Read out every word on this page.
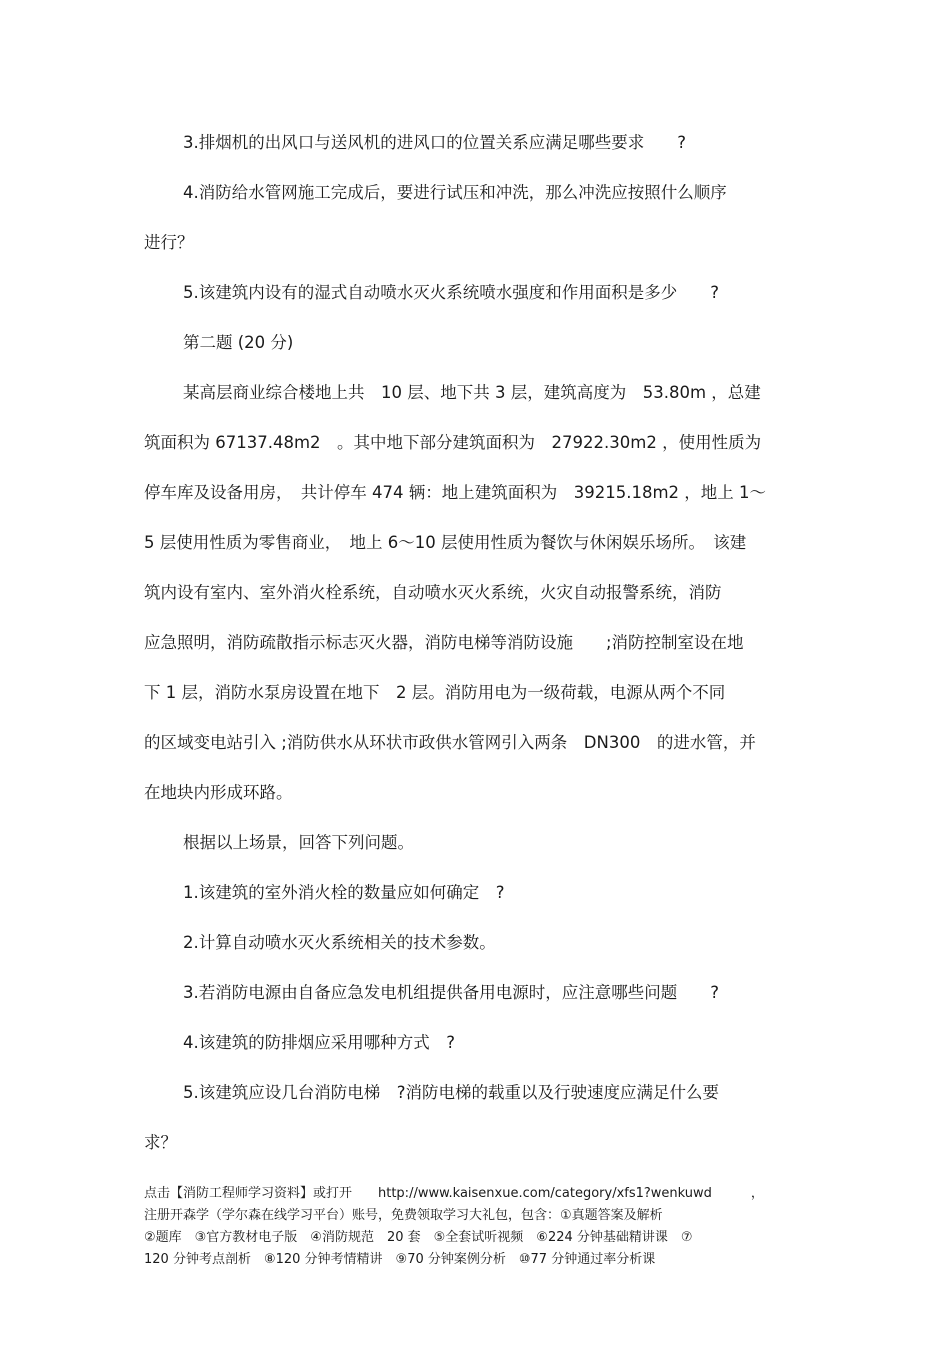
3.排烟机的出风口与送风机的进风口的位置关系应满足哪些要求　　?
4.消防给水管网施工完成后，要进行试压和冲洗，那么冲洗应按照什么顺序
进行？
5.该建筑内设有的湿式自动喷水灭火系统喷水强度和作用面积是多少　　?
第二题 (20 分)
某高层商业综合楼地上共　10 层、地下共 3 层，建筑高度为　53.80m ，总建
筑面积为 67137.48m2　。其中地下部分建筑面积为　27922.30m2 ，使用性质为
停车库及设备用房，　共计停车 474 辆：地上建筑面积为　39215.18m2 ，地上 1～
5 层使用性质为零售商业，　地上 6～10 层使用性质为餐饮与休闲娱乐场所。　该建
筑内设有室内、室外消火栓系统，自动喷水灭火系统，火灾自动报警系统，消防
应急照明，消防疏散指示标志灭火器，消防电梯等消防设施　　;消防控制室设在地
下 1 层，消防水泵房设置在地下　2 层。消防用电为一级荷载，电源从两个不同
的区域变电站引入 ;消防供水从环状市政供水管网引入两条　DN300　的进水管，并
在地块内形成环路。
根据以上场景，回答下列问题。
1.该建筑的室外消火栓的数量应如何确定　?
2.计算自动喷水灭火系统相关的技术参数。
3.若消防电源由自备应急发电机组提供备用电源时，应注意哪些问题　　?
4.该建筑的防排烟应采用哪种方式　?
5.该建筑应设几台消防电梯　?消防电梯的载重以及行驶速度应满足什么要
求？
点击【消防工程师学习资料】或打开　　http://www.kaisenxue.com/category/xfs1?wenkuwd　　　，
注册开森学（学尔森在线学习平台）账号，免费领取学习大礼包，包含：①真题答案及解析
②题库　③官方教材电子版　④消防规范　20 套　⑤全套试听视频　⑥224 分钟基础精讲课　⑦
120 分钟考点剖析　⑧120 分钟考情精讲　⑨70 分钟案例分析　⑩77 分钟通过率分析课
